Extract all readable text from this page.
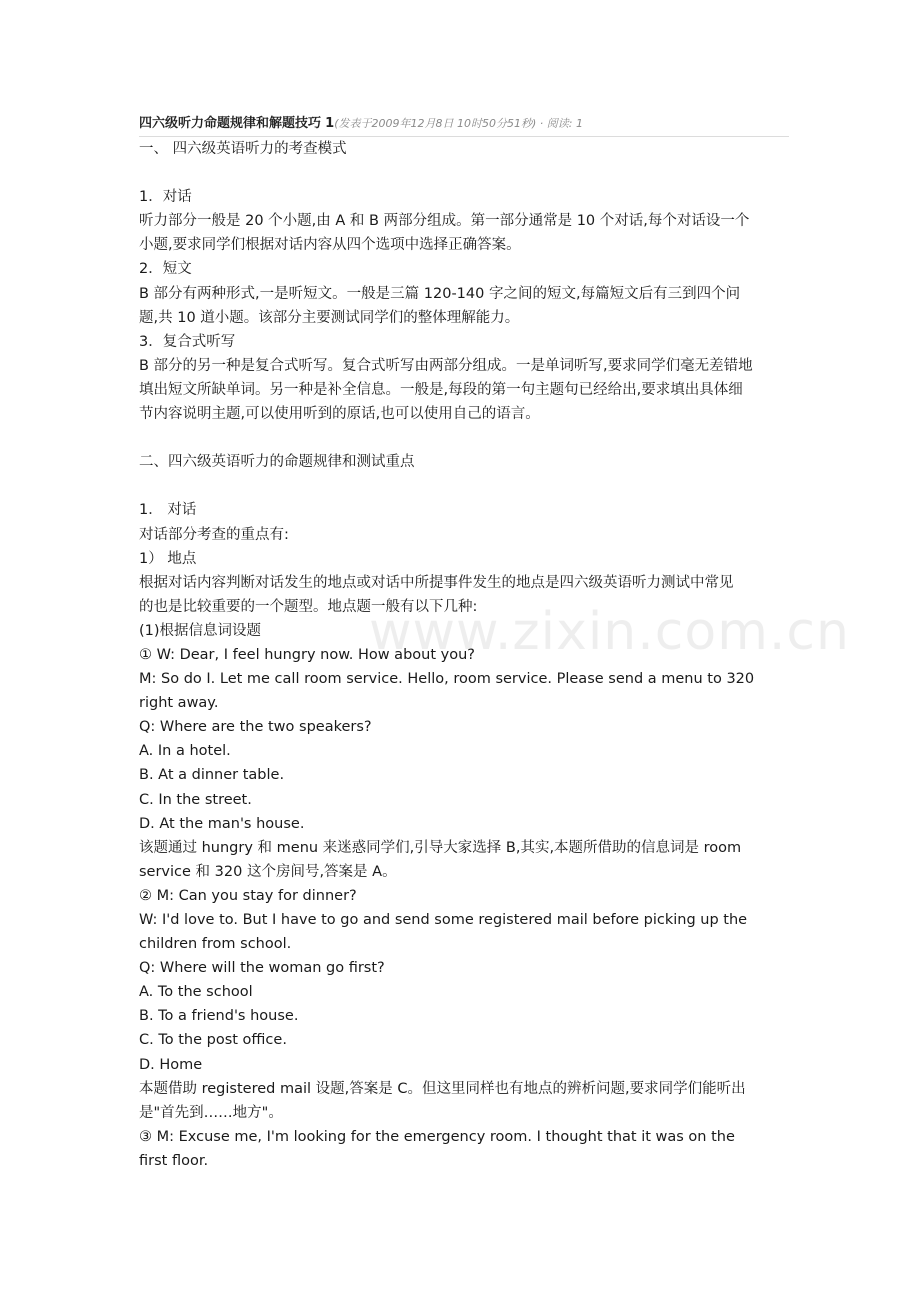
四六级听力命题规律和解题技巧 1(发表于2009年12月8日 10时50分51秒) · 阅读: 1
一、 四六级英语听力的考查模式
1．对话
听力部分一般是 20 个小题,由 A 和 B 两部分组成。第一部分通常是 10 个对话,每个对话设一个
小题,要求同学们根据对话内容从四个选项中选择正确答案。
2．短文
B 部分有两种形式,一是听短文。一般是三篇 120-140 字之间的短文,每篇短文后有三到四个问
题,共 10 道小题。该部分主要测试同学们的整体理解能力。
3．复合式听写
B 部分的另一种是复合式听写。复合式听写由两部分组成。一是单词听写,要求同学们毫无差错地
填出短文所缺单词。另一种是补全信息。一般是,每段的第一句主题句已经给出,要求填出具体细
节内容说明主题,可以使用听到的原话,也可以使用自己的语言。
二、四六级英语听力的命题规律和测试重点
1． 对话
对话部分考查的重点有:
1） 地点
根据对话内容判断对话发生的地点或对话中所提事件发生的地点是四六级英语听力测试中常见
的也是比较重要的一个题型。地点题一般有以下几种:
(1)根据信息词设题
① W: Dear, I feel hungry now. How about you?
M: So do I. Let me call room service. Hello, room service. Please send a menu to 320
right away.
Q: Where are the two speakers?
A. In a hotel.
B. At a dinner table.
C. In the street.
D. At the man's house.
该题通过 hungry 和 menu 来迷惑同学们,引导大家选择 B,其实,本题所借助的信息词是 room
service 和 320 这个房间号,答案是 A。
② M: Can you stay for dinner?
W: I'd love to. But I have to go and send some registered mail before picking up the
children from school.
Q: Where will the woman go first?
A. To the school
B. To a friend's house.
C. To the post office.
D. Home
本题借助 registered mail 设题,答案是 C。但这里同样也有地点的辨析问题,要求同学们能听出
是"首先到……地方"。
③ M: Excuse me, I'm looking for the emergency room. I thought that it was on the
first floor.
www.zixin.com.cn
